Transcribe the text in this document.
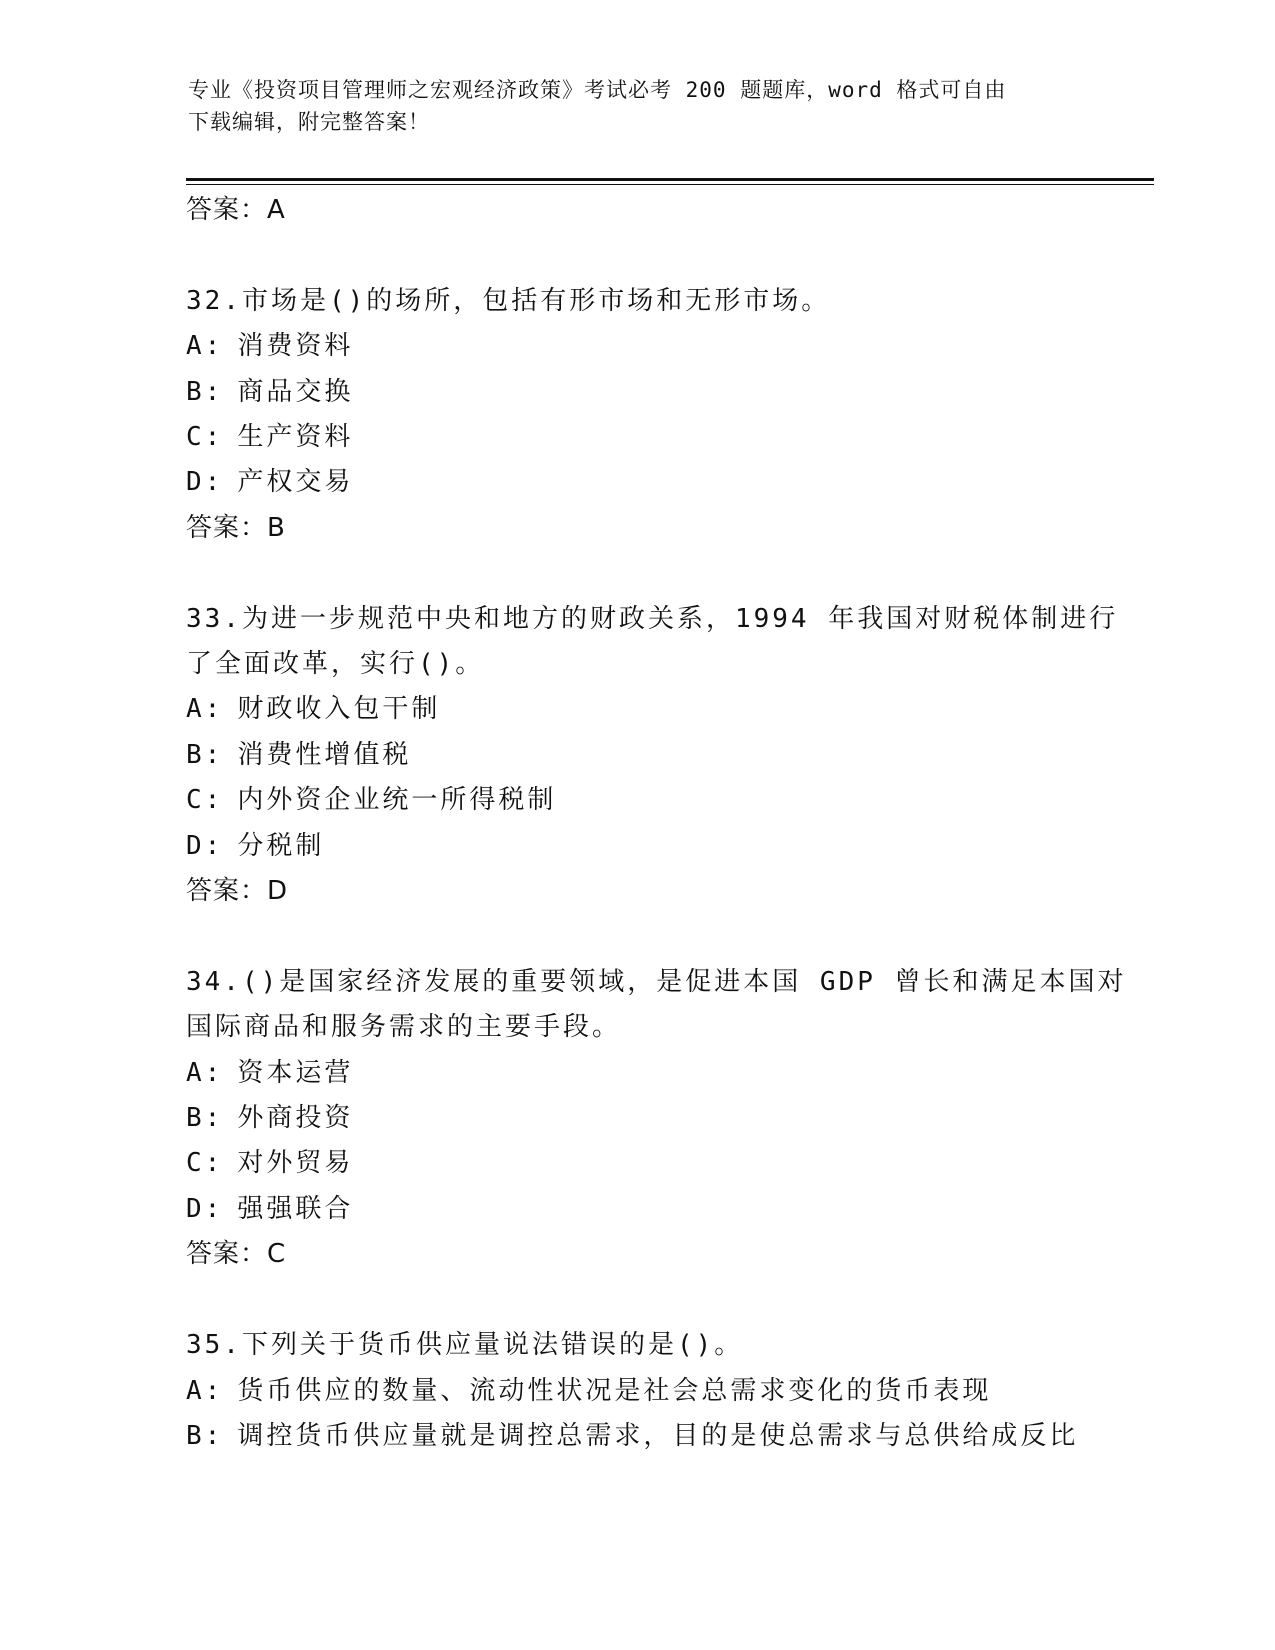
专业《投资项目管理师之宏观经济政策》考试必考 200 题题库，word 格式可自由
下载编辑，附完整答案！
答案：A
32.市场是()的场所，包括有形市场和无形市场。
A: 消费资料
B: 商品交换
C: 生产资料
D: 产权交易
答案：B
33.为进一步规范中央和地方的财政关系，1994 年我国对财税体制进行
了全面改革，实行()。
A: 财政收入包干制
B: 消费性增值税
C: 内外资企业统一所得税制
D: 分税制
答案：D
34.()是国家经济发展的重要领域，是促进本国 GDP 曾长和满足本国对
国际商品和服务需求的主要手段。
A: 资本运营
B: 外商投资
C: 对外贸易
D: 强强联合
答案：C
35.下列关于货币供应量说法错误的是()。
A: 货币供应的数量、流动性状况是社会总需求变化的货币表现
B: 调控货币供应量就是调控总需求，目的是使总需求与总供给成反比
